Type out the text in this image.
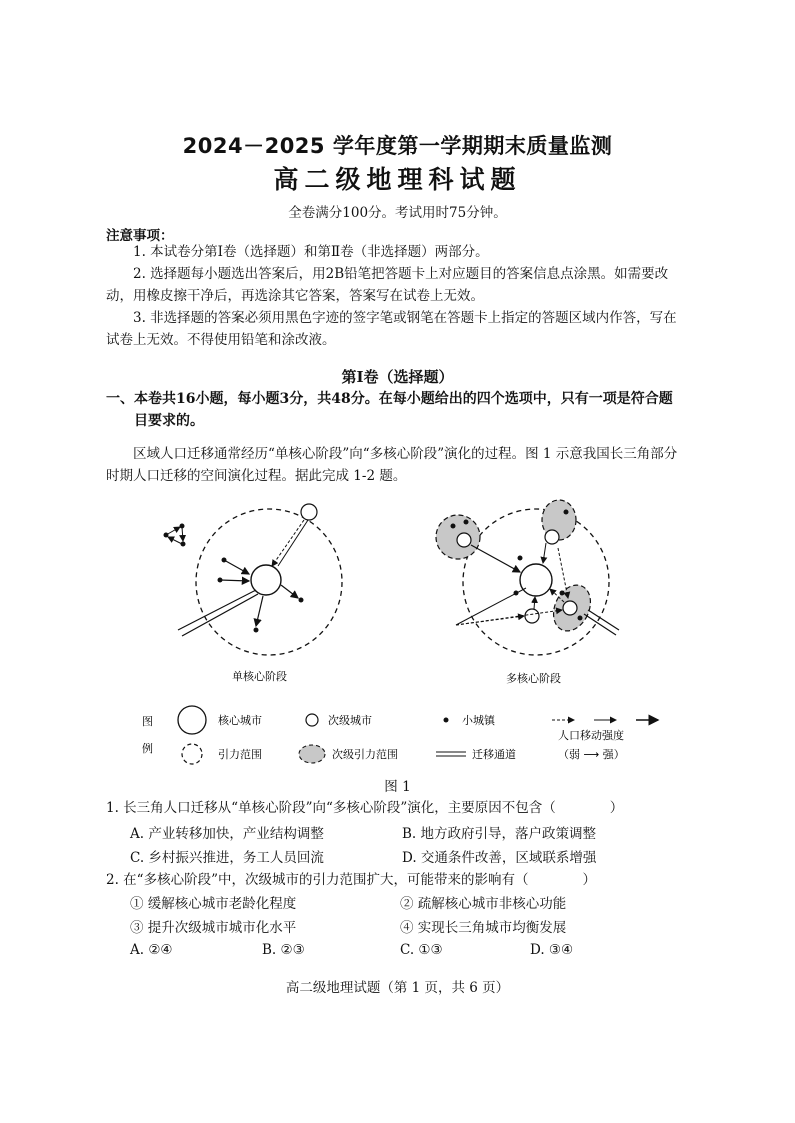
2024－2025 学年度第一学期期末质量监测
高二级地理科试题
全卷满分100分。考试用时75分钟。
注意事项：
1. 本试卷分第Ⅰ卷（选择题）和第Ⅱ卷（非选择题）两部分。
2. 选择题每小题选出答案后，用2B铅笔把答题卡上对应题目的答案信息点涂黑。如需要改动，用橡皮擦干净后，再选涂其它答案，答案写在试卷上无效。
3. 非选择题的答案必须用黑色字迹的签字笔或钢笔在答题卡上指定的答题区域内作答，写在试卷上无效。不得使用铅笔和涂改液。
第Ⅰ卷（选择题）
一、本卷共16小题，每小题3分，共48分。在每小题给出的四个选项中，只有一项是符合题
目要求的。
区域人口迁移通常经历“单核心阶段”向“多核心阶段”演化的过程。图 1 示意我国长三角部分时期人口迁移的空间演化过程。据此完成 1-2 题。
单核心阶段	多核心阶段
图
例
核心城市	次级城市	小城镇
人口移动强度
（弱 ⟶ 强）
引力范围	次级引力范围	迁移通道
图 1
1. 长三角人口迁移从“单核心阶段”向“多核心阶段”演化，主要原因不包含（　　　　）
A. 产业转移加快，产业结构调整	B. 地方政府引导，落户政策调整
C. 乡村振兴推进，务工人员回流	D. 交通条件改善，区域联系增强
2. 在“多核心阶段”中，次级城市的引力范围扩大，可能带来的影响有（　　　　）
① 缓解核心城市老龄化程度	② 疏解核心城市非核心功能
③ 提升次级城市城市化水平	④ 实现长三角城市均衡发展
A. ②④	B. ②③	C. ①③	D. ③④
高二级地理试题（第 1 页，共 6 页）
